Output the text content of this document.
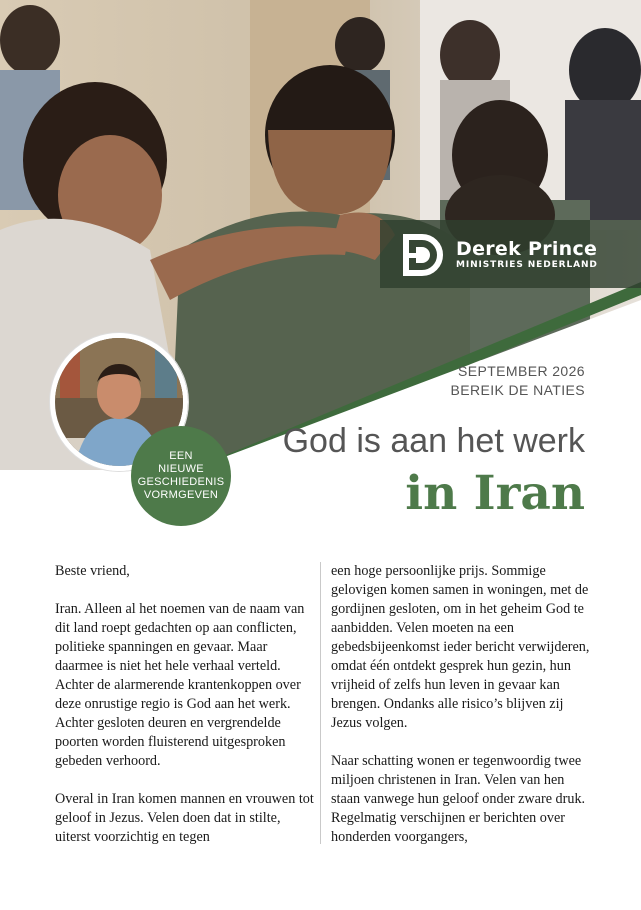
Derek Prince
MINISTRIES NEDERLAND
SEPTEMBER 2026
BEREIK DE NATIES
God is aan het werk
in Iran
EEN
NIEUWE
GESCHIEDENIS
VORMGEVEN

Beste vriend,

Iran. Alleen al het noemen van de naam van dit land roept gedachten op aan conflicten, politieke spanningen en gevaar. Maar daarmee is niet het hele verhaal verteld. Achter de alarmerende krantenkoppen over deze onrustige regio is God aan het werk. Achter gesloten deuren en vergrendelde poorten worden fluisterend uitgesproken gebeden verhoord.

Overal in Iran komen mannen en vrouwen tot geloof in Jezus. Velen doen dat in stilte, uiterst voorzichtig en tegen

een hoge persoonlijke prijs. Sommige gelovigen komen samen in woningen, met de gordijnen gesloten, om in het geheim God te aanbidden. Velen moeten na een gebedsbijeenkomst ieder bericht verwijderen, omdat één ontdekt gesprek hun gezin, hun vrijheid of zelfs hun leven in gevaar kan brengen. Ondanks alle risico’s blijven zij Jezus volgen.

Naar schatting wonen er tegenwoordig twee miljoen christenen in Iran. Velen van hen staan vanwege hun geloof onder zware druk. Regelmatig verschijnen er berichten over honderden voorgangers,
